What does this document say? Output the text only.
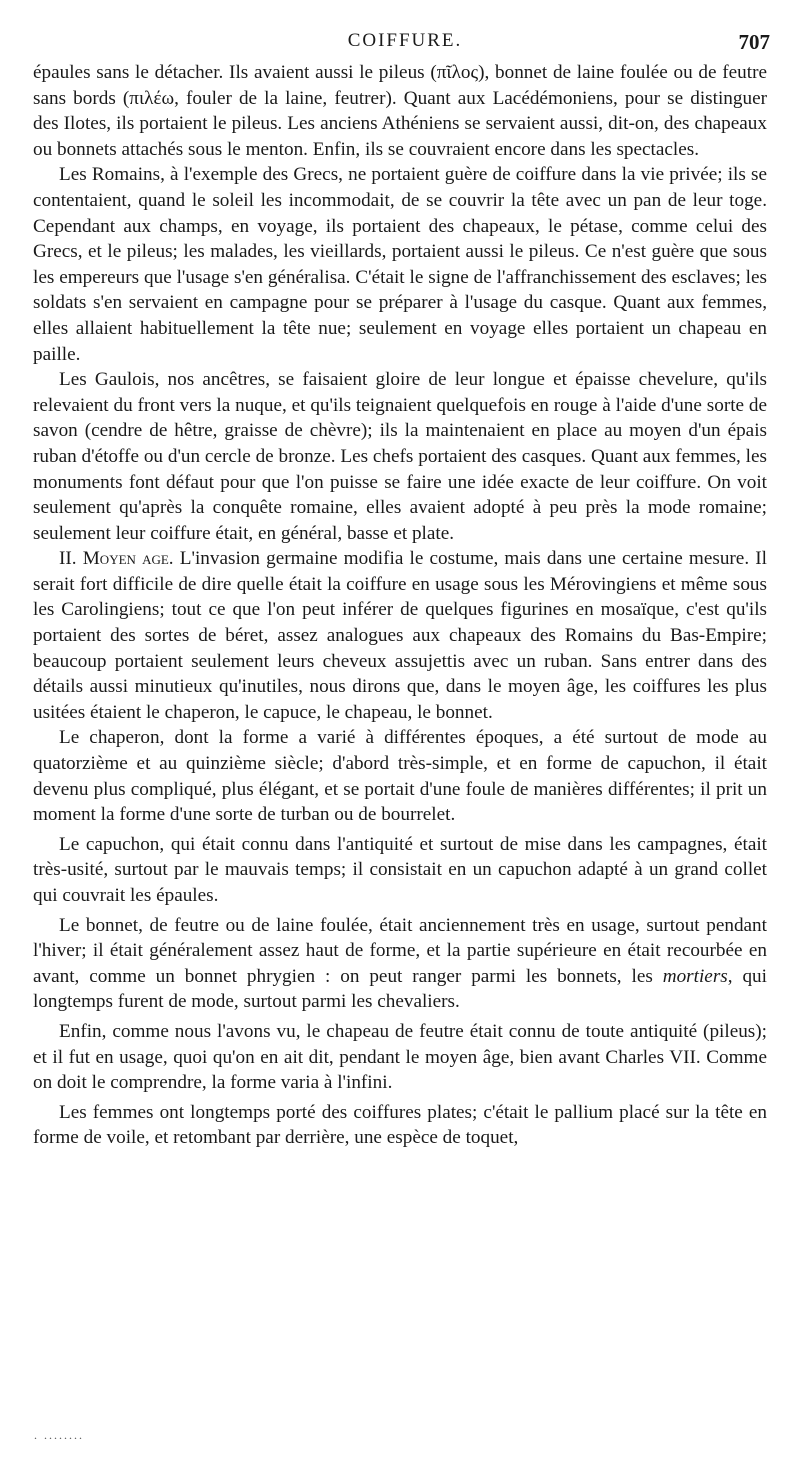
COIFFURE.	707

épaules sans le détacher. Ils avaient aussi le pileus (πῖλος), bonnet de laine foulée ou de feutre sans bords (πιλέω, fouler de la laine, feutrer). Quant aux Lacédémoniens, pour se distinguer des Ilotes, ils portaient le pileus. Les anciens Athéniens se servaient aussi, dit-on, des chapeaux ou bonnets attachés sous le menton. Enfin, ils se couvraient encore dans les spectacles.

Les Romains, à l'exemple des Grecs, ne portaient guère de coiffure dans la vie privée; ils se contentaient, quand le soleil les incommodait, de se couvrir la tête avec un pan de leur toge. Cependant aux champs, en voyage, ils portaient des chapeaux, le pétase, comme celui des Grecs, et le pileus; les malades, les vieillards, portaient aussi le pileus. Ce n'est guère que sous les empereurs que l'usage s'en généralisa. C'était le signe de l'affranchissement des esclaves; les soldats s'en servaient en campagne pour se préparer à l'usage du casque. Quant aux femmes, elles allaient habituellement la tête nue; seulement en voyage elles portaient un chapeau en paille.

Les Gaulois, nos ancêtres, se faisaient gloire de leur longue et épaisse chevelure, qu'ils relevaient du front vers la nuque, et qu'ils teignaient quelquefois en rouge à l'aide d'une sorte de savon (cendre de hêtre, graisse de chèvre); ils la maintenaient en place au moyen d'un épais ruban d'étoffe ou d'un cercle de bronze. Les chefs portaient des casques. Quant aux femmes, les monuments font défaut pour que l'on puisse se faire une idée exacte de leur coiffure. On voit seulement qu'après la conquête romaine, elles avaient adopté à peu près la mode romaine; seulement leur coiffure était, en général, basse et plate.

II. Moyen age. L'invasion germaine modifia le costume, mais dans une certaine mesure. Il serait fort difficile de dire quelle était la coiffure en usage sous les Mérovingiens et même sous les Carolingiens; tout ce que l'on peut inférer de quelques figurines en mosaïque, c'est qu'ils portaient des sortes de béret, assez analogues aux chapeaux des Romains du Bas-Empire; beaucoup portaient seulement leurs cheveux assujettis avec un ruban. Sans entrer dans des détails aussi minutieux qu'inutiles, nous dirons que, dans le moyen âge, les coiffures les plus usitées étaient le chaperon, le capuce, le chapeau, le bonnet.

Le chaperon, dont la forme a varié à différentes époques, a été surtout de mode au quatorzième et au quinzième siècle; d'abord très-simple, et en forme de capuchon, il était devenu plus compliqué, plus élégant, et se portait d'une foule de manières différentes; il prit un moment la forme d'une sorte de turban ou de bourrelet.

Le capuchon, qui était connu dans l'antiquité et surtout de mise dans les campagnes, était très-usité, surtout par le mauvais temps; il consistait en un capuchon adapté à un grand collet qui couvrait les épaules.

Le bonnet, de feutre ou de laine foulée, était anciennement très en usage, surtout pendant l'hiver; il était généralement assez haut de forme, et la partie supérieure en était recourbée en avant, comme un bonnet phrygien : on peut ranger parmi les bonnets, les mortiers, qui longtemps furent de mode, surtout parmi les chevaliers.

Enfin, comme nous l'avons vu, le chapeau de feutre était connu de toute antiquité (pileus); et il fut en usage, quoi qu'on en ait dit, pendant le moyen âge, bien avant Charles VII. Comme on doit le comprendre, la forme varia à l'infini.

Les femmes ont longtemps porté des coiffures plates; c'était le pallium placé sur la tête en forme de voile, et retombant par derrière, une espèce de toquet,

. ........
